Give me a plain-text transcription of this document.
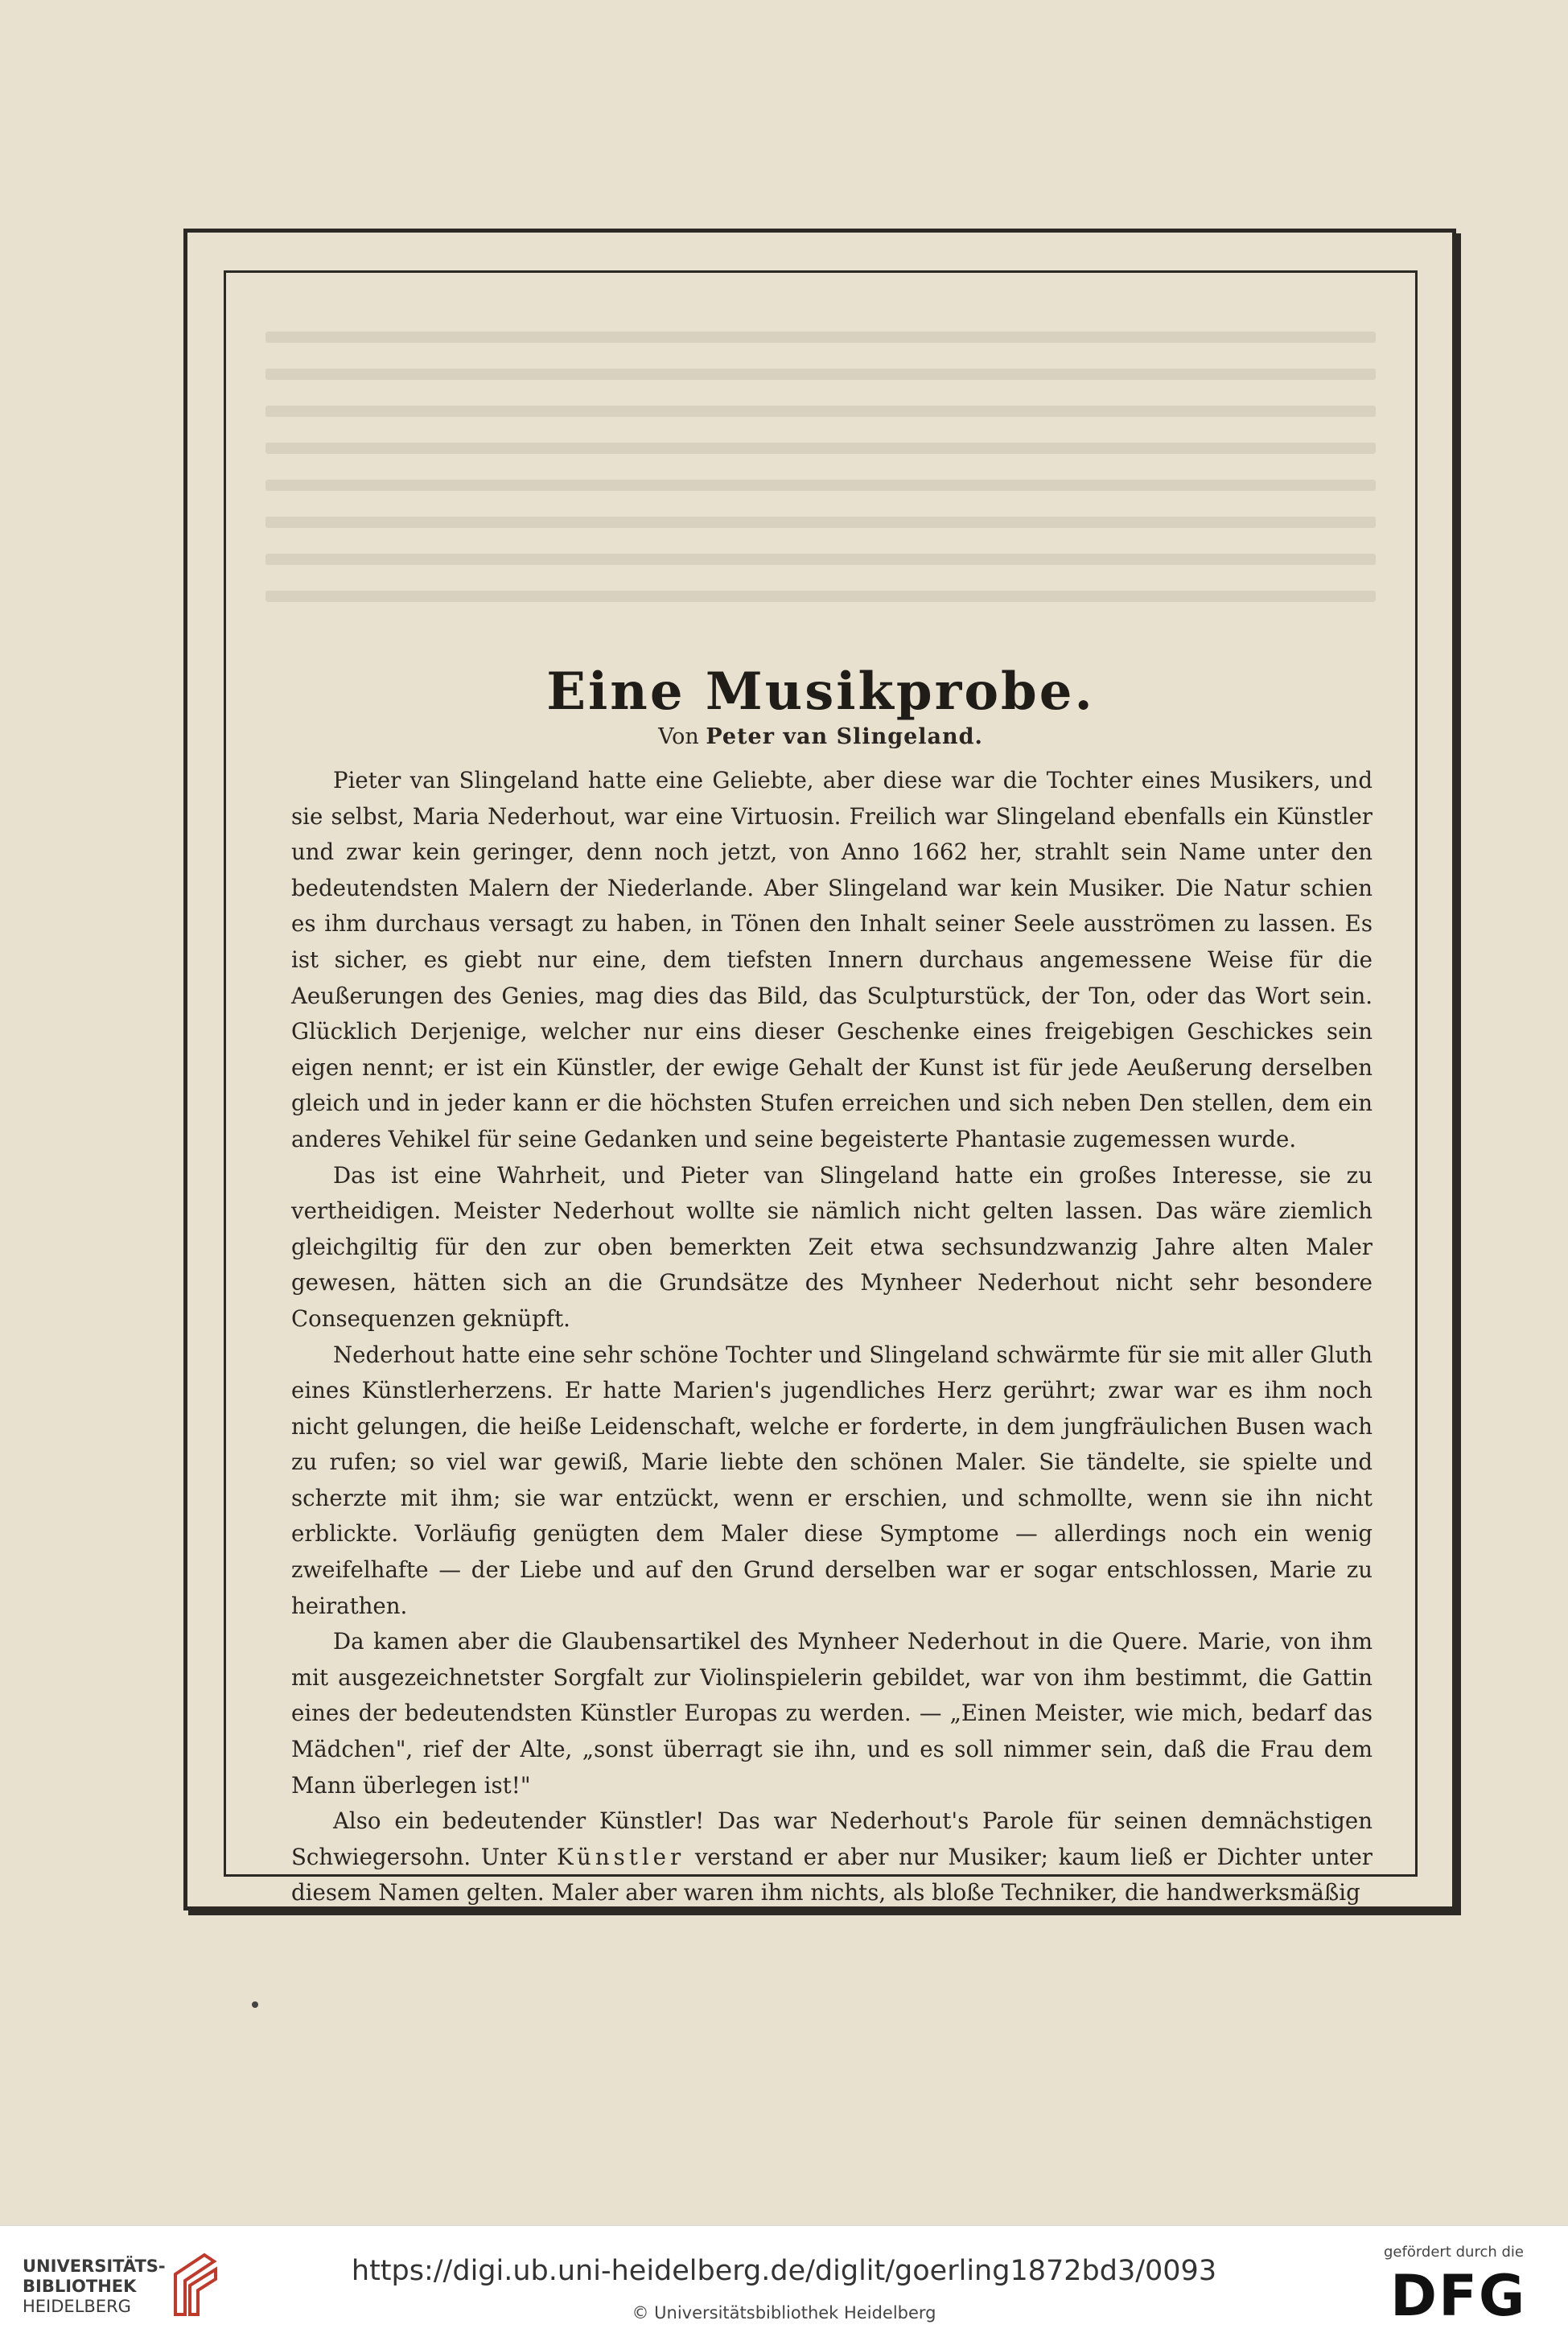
Eine Musikprobe.
Von Peter van Slingeland.

Pieter van Slingeland hatte eine Geliebte, aber diese war die Tochter eines Musikers, und sie selbst, Maria Nederhout, war eine Virtuosin. Freilich war Slingeland ebenfalls ein Künstler und zwar kein geringer, denn noch jetzt, von Anno 1662 her, strahlt sein Name unter den bedeutendsten Malern der Niederlande. Aber Slingeland war kein Musiker. Die Natur schien es ihm durchaus versagt zu haben, in Tönen den Inhalt seiner Seele ausströmen zu lassen. Es ist sicher, es giebt nur eine, dem tiefsten Innern durchaus angemessene Weise für die Aeußerungen des Genies, mag dies das Bild, das Sculpturstück, der Ton, oder das Wort sein. Glücklich Derjenige, welcher nur eins dieser Geschenke eines freigebigen Geschickes sein eigen nennt; er ist ein Künstler, der ewige Gehalt der Kunst ist für jede Aeußerung derselben gleich und in jeder kann er die höchsten Stufen erreichen und sich neben Den stellen, dem ein anderes Vehikel für seine Gedanken und seine begeisterte Phantasie zugemessen wurde.

Das ist eine Wahrheit, und Pieter van Slingeland hatte ein großes Interesse, sie zu vertheidigen. Meister Nederhout wollte sie nämlich nicht gelten lassen. Das wäre ziemlich gleichgiltig für den zur oben bemerkten Zeit etwa sechsundzwanzig Jahre alten Maler gewesen, hätten sich an die Grundsätze des Mynheer Nederhout nicht sehr besondere Consequenzen geknüpft.

Nederhout hatte eine sehr schöne Tochter und Slingeland schwärmte für sie mit aller Gluth eines Künstlerherzens. Er hatte Marien's jugendliches Herz gerührt; zwar war es ihm noch nicht gelungen, die heiße Leidenschaft, welche er forderte, in dem jungfräulichen Busen wach zu rufen; so viel war gewiß, Marie liebte den schönen Maler. Sie tändelte, sie spielte und scherzte mit ihm; sie war entzückt, wenn er erschien, und schmollte, wenn sie ihn nicht erblickte. Vorläufig genügten dem Maler diese Symptome — allerdings noch ein wenig zweifelhafte — der Liebe und auf den Grund derselben war er sogar entschlossen, Marie zu heirathen.

Da kamen aber die Glaubensartikel des Mynheer Nederhout in die Quere. Marie, von ihm mit ausgezeichnetster Sorgfalt zur Violinspielerin gebildet, war von ihm bestimmt, die Gattin eines der bedeutendsten Künstler Europas zu werden. — „Einen Meister, wie mich, bedarf das Mädchen", rief der Alte, „sonst überragt sie ihn, und es soll nimmer sein, daß die Frau dem Mann überlegen ist!"

Also ein bedeutender Künstler! Das war Nederhout's Parole für seinen demnächstigen Schwiegersohn. Unter Künstler verstand er aber nur Musiker; kaum ließ er Dichter unter diesem Namen gelten. Maler aber waren ihm nichts, als bloße Techniker, die handwerksmäßig

UNIVERSITÄTS-
BIBLIOTHEK
HEIDELBERG
https://digi.ub.uni-heidelberg.de/diglit/goerling1872bd3/0093
© Universitätsbibliothek Heidelberg
gefördert durch die
DFG
